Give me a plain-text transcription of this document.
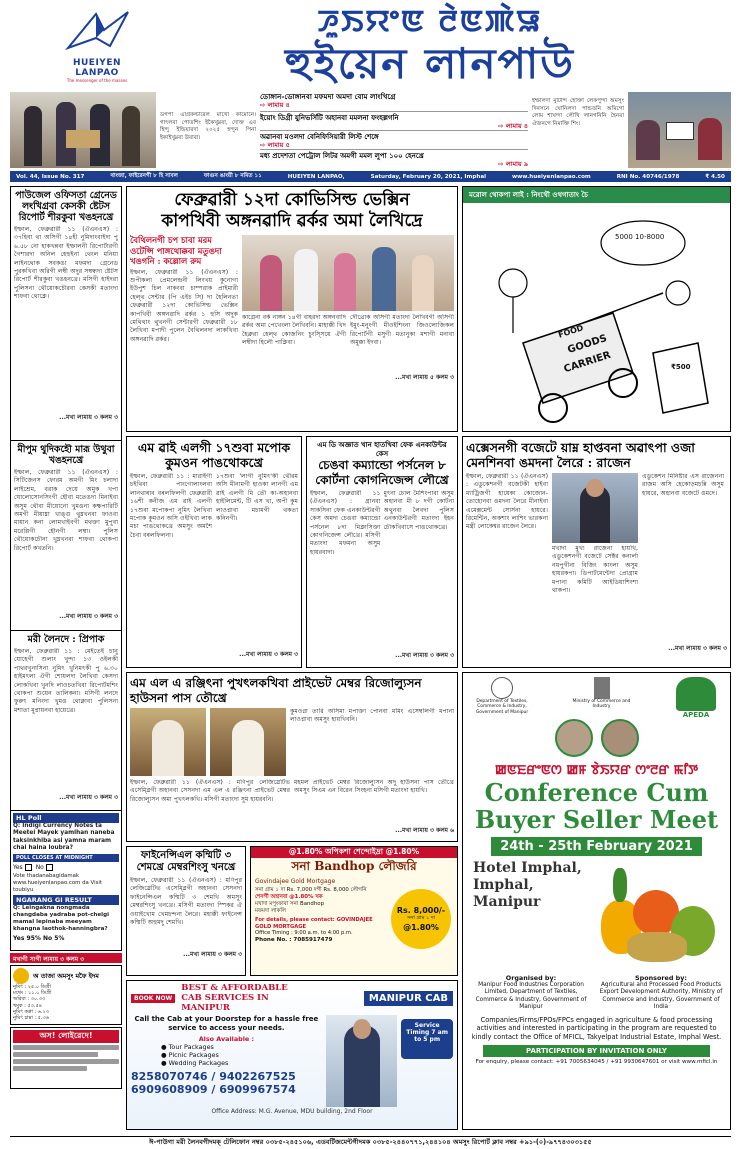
HUEIYEN LANPAO
The messenger of the masses
ꯍꯨꯏꯌꯦꯟ ꯂꯥꯟꯄꯥꯎ
হুইয়েন লানপাউ
ডগপা এগ্রিকল্টারেল মাখো কামোনে। গাৎলবা পোতশিং ইকৈখুম্নবা, দোক্ত এব হিন্দু ইন্ডিয়ারদা ২০২৫ হন্দুন পিনা ইকাইখুম্নবা উবাবা।
ডোঙ্গান-ডোঙ্গানবা মফমদা অমদা বোম লাংখিগ্রে
⇨ লামায় ৪
ইয়োং ডিগ্রী যুনিভর্সিটি অহানবা মমলনা ফংহল্লগনি
⇨ লামায় ৪
অৱানবা মওলদা বেনিফিসিয়ারী লিস্ট শেঙ্গে
⇨ লামায় ৫
মধ্য প্রদেশতা পেট্রোল লিটর অমগী মমল লুপা ১০০ হেনখ্রে
⇨ লামায় ৯
ইম্ফালদা মুটিন্দি হোক্তা লেকপুন্দা অমসুং দিনসনে ঘোনিলদা পান্ডতনি অমিগো লোম শাখন্দা লৌখি লানগনিনি হৈনবা ঐজনগে নিমাক্তি শিং।
Vol. 44, Issue No. 317	থাংজা, ফাইরেনগী ৮ হি সাবল	ফাগুন ঙাংয়ী ৮ নমিত ১১	HUEIYEN LANPAO,	Saturday, February 20, 2021, Imphal	www.hueiyenlanpao.com	RNI No. 40746/1978	₹ 4.50
পাউজেল ওফিসতা গ্রেনেড লংখিগ্রবা কেসকী ষ্টেটস রিপোর্ট শীরকুবা খঙহনখ্রে
ইম্ফাল, ফেব্রুৱারী ১১ (ঐএনএস) : ৩৭হিবা থা অসিগী ১৪হী নুমিদাংবাইদা পু ৬.৫৮ নো হাকখন্নবা ইম্ফালনী রিপোর্টারগী গৈশারদা অনিল হেহুইনা থেংল মনিয়া লাইনথোক সবকঙা মফমদা গ্রেনেড পুরকখিবা অরিগী লম্বী অদুর সম্বন্ধদা ষ্টেটস রিপোর্ট শীরকুবা খঙহনখ্রে। মসিগী হাইদরা পুলিসনা থৌয়োকচৌরবা কেসকী মতাংদা শাফবা থোক্লে।
...মখা লামায় ৩ কলম ৩
মীপুম থুদিকহৌ মারূ উথুবা খঙহনখ্রে
ইম্ফাল, ফেব্রুৱারী ১১ (ঐএনএস) : সিটিজেনস ফোরম অমগী মিং চলাদা লাইশ্রেম, বরাক দেয়ে অমুক খপা ঘোলোসোনসিংগী হৌবা মতেঙদা মিনাইবা অসুম থৌবা মীয়োনো খুমঙনা কক্ষপারিটি অমগী মীয়াম্না খাঙ্গু থুম্নখনবা ফাওবা মায়ান কনা লোমখাইবগী মথক্তা মুপুবা মরেপ্লিগী হৌনগী লম্বা। পুলিস থৌয়োকচৌনা খুম্নখনবা শাফবা থোকপা রিপোর্ট কখতনি।
...মখা লামায় ৩ কলম ৩
মরী লৈনদে : প্রিপাক
ইম্ফাল, ফেব্রুৱারী ১১ : মেইতেই চানু যোহেগী শুলাং খুন্দা ১৩ ওইলকী পাথরখুনাসিনা নুমিৎ খুনিমৎকী পু ৬.৩০ হাইমৎলা ঐগী শোয়লদা লৈখিবা কেসদা লোকখিবা খুনদি লাওচতখিবা রিপোর্টমশিং থোকপা শুয়েন তালিকনা। মসিগী লনদে ফুরুৎ মনিংদা খুমঙ থোক্নাবা পুলিসনা মশাতা মুপ্নায়নবা হায়েখ্রে।
...মখা লামায় ৩ কলম ৩
HL Poll
Q: Indigi Currency Notes ta Meetei Mayek yamlhan naneba taksinkhiba asi yamna maram chai haina loubra?
POLL CLOSES AT MIDNIGHT
Yes No
Vote thadanabagidamak www.hueiyenlanpao.com da Visit toubiyu
NGARANG GI RESULT
Q: Leingakna nongmada changdaba yadraba pot-chelgi mamal lepinaba meeyam khangna laothok-hanningbra?
Yes 95% No 5%
মখাগী সাগী লামায় ৩ কলম ৩
অ তাজা অমসুং মফৈ ইদম
নুমিৎ : ২৫.০ ডিগ্রী
মথেং : ১১.০ ডিগ্রী
অরিবা : ৩০.৩৩
খমুক : ৫৩.৫৪
নুমিৎ কপ্পা : ৬.২৩
নুমিৎ চাম্না : ৫.৩৬
অস! লোইরেদে!
ফেব্রুৱারী ১২দা কোভিসিল্ড ভেক্সিন
কাপখিবী অঙ্গনৱাদি ৱর্কর অমা লৈখিদ্রে
বৈথিলনগী চপ চাবা মরম ওটেপ্সি পাঙ্গথোক্কবা মতুঙদা খঙগনি : কল্লোল রুম
ইম্ফাল, ফেব্রুৱারী ১১ (ঐএনএস) : শুপীকলা প্রেমলেন্দ্রনী লিংখয় কুনোগা ইউপুশ চিল নাকংবা চাম্পরাক প্রাইমারী হেল্থ সেন্টার (পি এইচ সি) দা হৈলিনতা ফেব্রুৱারী ১২দা কোভিসিল্ড ভেক্সিন কাপখিবী অঙ্গনৱাদি ৱর্কর ১ হুসি অদুক মেথিথাং থুখনগী সেন্টারগী ফেব্রুৱারী ১৮ লৈখিবা মপাদী পুলেন বৈথিলনদা লাকখিবা অঙ্গনৱাদি ৱর্কর।
কাগ্রেনা বর্ক নাঙ্গন ১৪গী বাহরদা অঙ্গনবাদি ৱর্কর অমা পেখেংলা লৈখিবনি। মাহাক্কী খিদ হৈব্রুরা হেল্থ কোজনিং চুংস্সিয়ে ঐগী লম্বীদা হিলৌ পাক্লিবা।
দৌথ্রোক অসিগী মতাংদা লৈখিবগী অসিগী ইমুং-মনুংগী মীওইশিংনা জিওলোজিকল রিপোর্টগী মসুগী মতানুকা মশাগী মনাবা অমুক্কা ইদবা।
...মখা লামায় ৫ কলম ৩
মরোল থোকপা লাই : নিংথৌ ওথগাতাং চৈ
FOOD
GOODS
CARRIER	₹500
5000 10-8000
এম ৱাই এলগী ১৭শুবা মপোক কুমওন পাঙথোকখ্রে
ইম্ফাল, ফেব্রুৱারী ১১ : মারাইগী চইথিবা পাংগোলাংলবা লানথাৰাব বৰলফিলগী ফেব্রুৱারী ১৬শী কনীজ এম ৱাই এলগী ১৭শুবা মপোকপা নুমিৎ লৈখিবা মপোক কুমওন অসি ওইখিবা লাক মচা পাঙথোকখ্রে অমসুং অমশৈ চৈবা বৰলফিলনা।
১৭শুবা 'লাগী নুমিৎ'কী থৌরম অসি মীনামগী হাওকা লানগী এম ৱাই এলগী মি তৌ কা-অহানবা হাইলিমেন্ট, টি এস খা, অপী কুম লাওপ্নাবা মচামগী থকতা কনিনগী।
...মখা লামায় ৩ কলম ৩
এম ডি অজ্ঞাত খান হাতখিবা ফেক এনকাউন্টর কেস
চেঙবা কম্যান্ডো পর্সনেল ৮ কোর্টনা কোগনিজেন্স লৌখ্রে
ইম্ফাল, ফেব্রুৱারী ১১ (ঐএনএস) : গ্রানবা সাকসিনা ফেক এনকাউন্টরগী কেস অমদা চেঙবা কম্যান্ডো পর্সনেল ৮দা মিক্লাসিক্তা কোগনিজেন্স লৌখ্রে। মসিগী মতাংদা মফমনা অসুম হায়রবাদা।
মুৎনা চোল মৈশিংপাবা অসুম অহানবা মী ৮ দগী কোর্টনা অথুনবা লৈবদা পুলিস এনকাউন্টরগী মতাংদা ইহন চৌকখিবাসে পাঙথোকখ্রে।
...মখা লামায় ৩ কলম ৩
এক্সেসনগী বজেটে য়াম্ন হাপ্তবনা অৱাৎপা ওজা মেনশিনবা ঙমদনা লৈরে : রাজেন
ইম্ফাল, ফেব্রুৱারী ১১ (ঐএনএস) : এডুকেশনগী বজেটকী হাইবা ম্যাট্রিজগী হায়েকা কোজোন-তোহোনবা ঙমদনা লৈরে মীনাইবা এমেক্সমেন্ট সোর্সনা হায়রে। রিমেন্টিন, অকশাং লাশিং ভারকনা মন্ত্রী লোকেশ্বর রাজেন লৈরে।
মখাদা মুখ্য রাজেনা হায়খি, এডুকেশনগী বজেটে সেক্টর কনার্লা নয়পুগীনা বিজিং কাংলা অসুম হায়রকপা। ডিপার্টমেন্টেদা প্রোগ্রাম মপানা কমিটি আইডিয়াশিংশা থাকপা।
এডুকেশন মিনিষ্টার এস রাজেননা রাজম অসি হেকোড়মচন্নি অসুম হায়রে, অহানবা বজেটে ঙমদে।
...মখা লামায় ৩ কলম ৩
এম এল এ রঞ্জিৎনা পুখৎলকখিবা প্রাইভেট মেম্বর রিজোল্যুসন হাউসনা পাস তৌখ্রে
কুমওগ্না তারি অসিমা মপাক্তা পোনবা মমিং এসেম্বলিগী মপানা লাওপ্নাবা অমসুং হায়খিবনি।
ইম্ফাল, ফেব্রুৱারী ১১ (ঐএনএস) : মণিপুর লেজিস্লেটিভ এসেম্ব্লিগী অহানবা সেসনদা এম এল এ রঞ্জিৎনা প্রাইভেট মেম্বর রিজোল্যুসন অমা পুখৎলকখি। মসিগী মতাংদা সুম হায়রবনি।
মহমল প্রাইভেট মেম্বর রিজোল্যুসন অদু হাউসনা পাস তৌখ্রে অমসুং সিএম এন বিরেন সিংহনা মসিগী মতাংদা হায়খি।
...মখা লামায় ৩ কলম ৬
ফাইনেন্সিএল কম্মিটি ৩ শেমখ্রে মেম্বরশিংসু খনখ্রে
ইম্ফাল, ফেব্রুৱারী ১১ (ঐএনএস) : মণিপুর লেজিস্লেটিভ এসেম্ব্লিগী অহানবা সেসনদা ফাইনেন্সিএল কম্মিটি ৩ শেমখি অমসুং মেম্বরশিংসু খনখ্রে। মসিগী মতাংদা স্পিকর ঐ ওয়াইখোম খেমচন্দনা লৈরে। মহাক্কী ফাইনেন্স কম্মিটি অহুমদু শেমখি।
...মখা লামায় ৩ কলম ৩
@1.80% অপিকশা শেন্দোইদ্রা @1.80%
সনা Bandhop লৌজরি
Govindajee Gold Mortgage
সনা গ্রাম ১ দা Rs. 7,000 দগী Rs. 8,000 লৌগনি
শেনগী অহানবা @1.80% খক
মখাদা মপুংফাবা সনা Bandhop
মফমদা লাকলি
For details, please contact: GOVINDAJEE GOLD MORTGAGE
Office Timing : 9:00 a.m. to 4:00 p.m.
Phone No. : 7085917479
Rs. 8,000/-
সনা গ্রাম ১ দা
@1.80%
BOOK NOW
BEST & AFFORDABLE CAB SERVICES IN MANIPUR
MANIPUR CAB
Call the Cab at your Doorstep for a hassle free service to access your needs.
Also Available :
● Tour Packages
● Picnic Packages
● Wedding Packages
8258070746 / 9402267525
6909608909 / 6909967574
Service Timing 7 am to 5 pm
Office Address: M.G. Avenue, MDU building, 2nd Floor
Department of Textiles, Commerce & Industry, Government of Manipur
Ministry of Commerce and Industry
APEDA
ꯀꯟꯐꯔꯦꯟꯁ ꯀꯝ ꯕꯥꯏꯌꯔ ꯁꯦꯂꯔ ꯃꯤꯇ
Conference Cum
Buyer Seller Meet
24th - 25th February 2021
Hotel Imphal,
Imphal, Manipur
Organised by:
Manipur Food Industries Corporation Limited, Department of Textiles, Commerce & Industry, Government of Manipur
Sponsored by:
Agricultural and Processed Food Products Export Development Authority, Ministry of Commerce and Industry, Government of India
Companies/Firms/FPOs/FPCs engaged in agriculture & food processing activities and interested in participating in the program are requested to kindly contact the Office of MFICL, Takyelpat Industrial Estate, Imphal West.
PARTICIPATION BY INVITATION ONLY
For enquiry, please contact: +91 7005634045 / +91 9930647601 or visit www.mficl.in
ঈ-পাউগা মরী লৈনবগীদমক্ টেলিফোন নম্বর ০৩৮৫-২৪৫১০৬, এডবর্টিজমেন্টগীদমক ০৩৮৫-২৪৪০৭৭১,২৪৪১০৪ অমসুং রিপোর্ট ক্লাব নম্বর +৯১-(০)-৯৭৭৪৩০৩১৫৫
